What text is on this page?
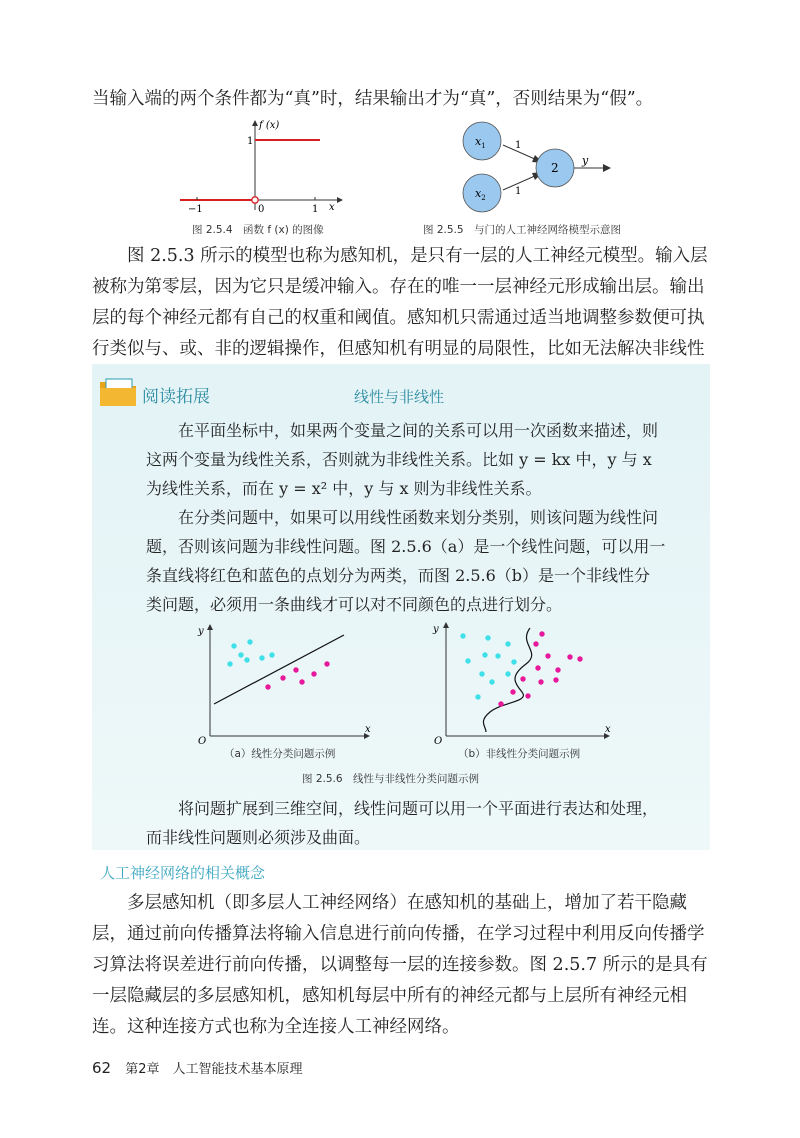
当输入端的两个条件都为“真”时，结果输出才为“真”，否则结果为“假”。

f (x)
1
−1	0	1 x
图 2.5.4　函数 f (x) 的图像
$x_1$
$x_2$
1
1
2
y
图 2.5.5　与门的人工神经网络模型示意图

图 2.5.3 所示的模型也称为感知机，是只有一层的人工神经元模型。输入层被称为第零层，因为它只是缓冲输入。存在的唯一一层神经元形成输出层。输出层的每个神经元都有自己的权重和阈值。感知机只需通过适当地调整参数便可执行类似与、或、非的逻辑操作，但感知机有明显的局限性，比如无法解决非线性

阅读拓展	线性与非线性

在平面坐标中，如果两个变量之间的关系可以用一次函数来描述，则这两个变量为线性关系，否则就为非线性关系。比如 y = kx 中，y 与 x 为线性关系，而在 y = x² 中，y 与 x 则为非线性关系。

在分类问题中，如果可以用线性函数来划分类别，则该问题为线性问题，否则该问题为非线性问题。图 2.5.6（a）是一个线性问题，可以用一条直线将红色和蓝色的点划分为两类，而图 2.5.6（b）是一个非线性分类问题，必须用一条曲线才可以对不同颜色的点进行划分。

y
x
O
（a）线性分类问题示例
y
x
O
（b）非线性分类问题示例
图 2.5.6　线性与非线性分类问题示例

将问题扩展到三维空间，线性问题可以用一个平面进行表达和处理，而非线性问题则必须涉及曲面。

人工神经网络的相关概念

多层感知机（即多层人工神经网络）在感知机的基础上，增加了若干隐藏层，通过前向传播算法将输入信息进行前向传播，在学习过程中利用反向传播学习算法将误差进行前向传播，以调整每一层的连接参数。图 2.5.7 所示的是具有一层隐藏层的多层感知机，感知机每层中所有的神经元都与上层所有神经元相连。这种连接方式也称为全连接人工神经网络。

62 第2章　人工智能技术基本原理
